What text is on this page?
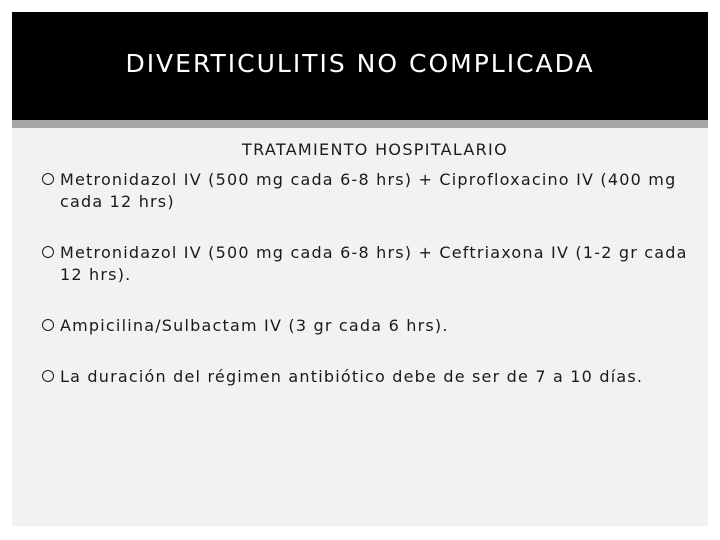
DIVERTICULITIS NO COMPLICADA
TRATAMIENTO HOSPITALARIO
Metronidazol IV (500 mg cada 6-8 hrs) + Ciprofloxacino IV (400 mg cada 12 hrs)
Metronidazol IV (500 mg cada 6-8 hrs) + Ceftriaxona IV (1-2 gr cada 12 hrs).
Ampicilina/Sulbactam IV (3 gr cada 6 hrs).
La duración del régimen antibiótico debe de ser de 7 a 10 días.
